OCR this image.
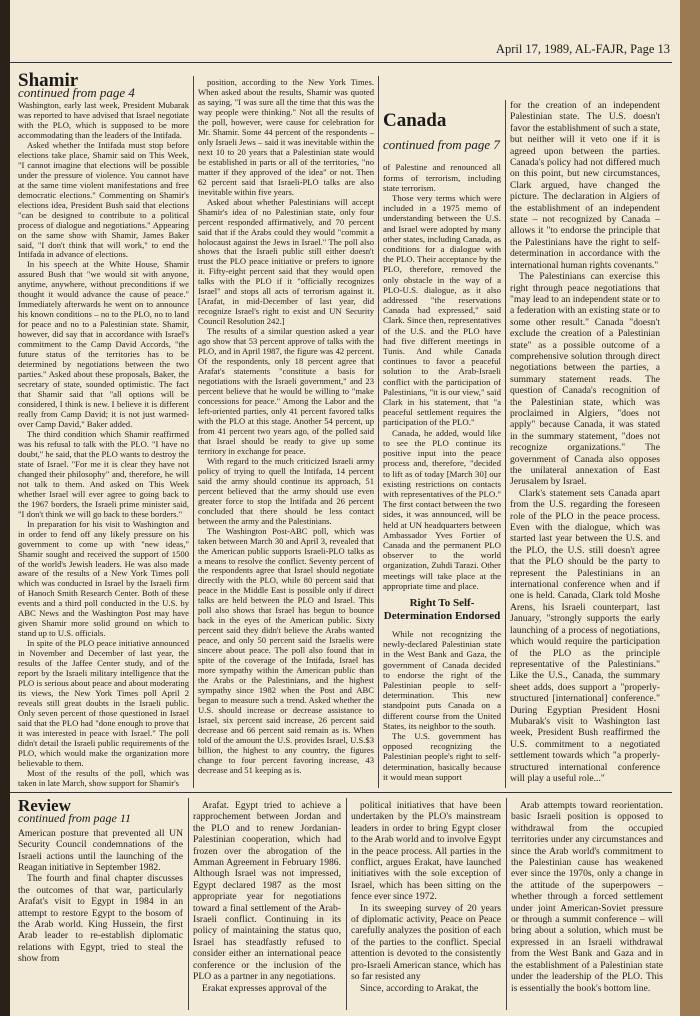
April 17, 1989, AL-FAJR, Page 13
Shamir
continued from page 4

Washington, early last week, President Mubarak was reported to have advised that Israel negotiate with the PLO, which is supposed to be more accommodating than the leaders of the Intifada.

Asked whether the Intifada must stop before elections take place, Shamir said on This Week, "I cannot imagine that elections will be possible under the pressure of violence. You cannot have at the same time violent manifestations and free democratic elections." Commenting on Shamir's elections idea, President Bush said that elections "can be designed to contribute to a political process of dialogue and negotiations." Appearing on the same show with Shamir, James Baker said, "I don't think that will work," to end the Intifada in advance of elections.

In his speech at the White House, Shamir assured Bush that "we would sit with anyone, anytime, anywhere, without preconditions if we thought it would advance the cause of peace." Immediately afterwards he went on to announce his known conditions – no to the PLO, no to land for peace and no to a Palestinian state. Shamir, however, did say that in accordance with Israel's commitment to the Camp David Accords, "the future status of the territories has to be determined by negotiations between the two parties." Asked about these proposals, Baker, the secretary of state, sounded optimistic. The fact that Shamir said that "all options will be considered, I think is new. I believe it is different really from Camp David; it is not just warmed-over Camp David," Baker added.

The third condition which Shamir reaffirmed was his refusal to talk with the PLO. "I have no doubt," he said, that the PLO wants to destroy the state of Israel. "For me it is clear they have not changed their philosophy" and, therefore, he will not talk to them. And asked on This Week whether Israel will ever agree to going back to the 1967 borders, the Israeli prime minister said, "I don't think we will go back to these borders."

In preparation for his visit to Washington and in order to fend off any likely pressure on his government to come up with "new ideas," Shamir sought and received the support of 1500 of the world's Jewish leaders. He was also made aware of the results of a New York Times poll which was conducted in Israel by the Israeli firm of Hanoch Smith Research Center. Both of these events and a third poll conducted in the U.S. by ABC News and the Washington Post may have given Shamir more solid ground on which to stand up to U.S. officials.

In spite of the PLO peace initiative announced in November and December of last year, the results of the Jaffee Center study, and of the report by the Israeli military intelligence that the PLO is serious about peace and about moderating its views, the New York Times poll April 2 reveals still great doubts in the Israeli public. Only seven percent of those questioned in Israel said that the PLO had "done enough to prove that it was interested in peace with Israel." The poll didn't detail the Israeli public requirements of the PLO, which would make the organization more believable to them.

Most of the results of the poll, which was taken in late March, show support for Shamir's

position, according to the New York Times. When asked about the results, Shamir was quoted as saying, "I was sure all the time that this was the way people were thinking." Not all the results of the poll, however, were cause for celebration for Mr. Shamir. Some 44 percent of the respondents – only Israeli Jews – said it was inevitable within the next 10 to 20 years that a Palestinian state would be established in parts or all of the territories, "no matter if they approved of the idea" or not. Then 62 percent said that Israeli-PLO talks are also inevitable within five years.

Asked about whether Palestinians will accept Shamir's idea of no Palestinian state, only four percent responded affirmatively, and 70 percent said that if the Arabs could they would "commit a holocaust against the Jews in Israel." The poll also shows that the Israeli public still either doesn't trust the PLO peace initiative or prefers to ignore it. Fifty-eight percent said that they would open talks with the PLO if it "officially recognizes Israel" and stops all acts of terrorism against it. [Arafat, in mid-December of last year, did recognize Israel's right to exist and UN Security Council Resolution 242.]

The results of a similar question asked a year ago show that 53 percent approve of talks with the PLO, and in April 1987, the figure was 42 percent. Of the respondents, only 18 percent agree that Arafat's statements "constitute a basis for negotiations with the Israeli government," and 23 percent believe that he would be willing to "make concessions for peace." Among the Labor and the left-oriented parties, only 41 percent favored talks with the PLO at this stage. Another 54 percent, up from 41 percent two years ago, of the polled said that Israel should be ready to give up some territory in exchange for peace.

With regard to the much criticized Israeli army policy of trying to quell the Intifada, 14 percent said the army should continue its approach, 51 percent believed that the army should use even greater force to stop the Intifada and 26 percent concluded that there should be less contact between the army and the Palestinians.

The Washington Post-ABC poll, which was taken between March 30 and April 3, revealed that the American public supports Israeli-PLO talks as a means to resolve the conflict. Seventy percent of the respondents agree that Israel should negotiate directly with the PLO, while 80 percent said that peace in the Middle East is possible only if direct talks are held between the PLO and Israel. This poll also shows that Israel has begun to bounce back in the eyes of the American public. Sixty percent said they didn't believe the Arabs wanted peace, and only 50 percent said the Israelis were sincere about peace. The poll also found that in spite of the coverage of the Intifada, Israel has more sympathy within the American public than the Arabs or the Palestinians, and the highest sympathy since 1982 when the Post and ABC began to measure such a trend. Asked whether the U.S. should increase or decrease assistance to Israel, six percent said increase, 26 percent said decrease and 66 percent said remain as is. When told of the amount the U.S. provides Israel, U.S.$3 billion, the highest to any country, the figures change to four percent favoring increase, 43 decrease and 51 keeping as is.

Canada
continued from page 7

of Palestine and renounced all forms of terrorism, including state terrorism.

Those very terms which were included in a 1975 memo of understanding between the U.S. and Israel were adopted by many other states, including Canada, as conditions for a dialogue with the PLO. Their acceptance by the PLO, therefore, removed the only obstacle in the way of a PLO-U.S. dialogue, as it also addressed "the reservations Canada had expressed," said Clark. Since then, representatives of the U.S. and the PLO have had five different meetings in Tunis. And while Canada continues to favor a peaceful solution to the Arab-Israeli conflict with the participation of Palestinians, "it is our view," said Clark in his statement, that "a peaceful settlement requires the participation of the PLO."

Canada, he added, would like to see the PLO continue its positive input into the peace process and, therefore, "decided to lift as of today [March 30] our existing restrictions on contacts with representatives of the PLO." The first contact between the two sides, it was announced, will be held at UN headquarters between Ambassador Yves Fortier of Canada and the permanent PLO observer to the world organization, Zuhdi Tarazi. Other meetings will take place at the appropriate time and place.

Right To Self-Determination Endorsed

While not recognizing the newly-declared Palestinian state in the West Bank and Gaza, the government of Canada decided to endorse the right of the Palestinian people to self-determination. This new standpoint puts Canada on a different course from the United States, its neighbor to the south.

The U.S. government has opposed recognizing the Palestinian people's right to self-determination, basically because it would mean support

for the creation of an independent Palestinian state. The U.S. doesn't favor the establishment of such a state, but neither will it veto one if it is agreed upon between the parties. Canada's policy had not differed much on this point, but new circumstances, Clark argued, have changed the picture. The declaration in Algiers of the establishment of an independent state – not recognized by Canada – allows it "to endorse the principle that the Palestinians have the right to self-determination in accordance with the international human rights covenants."

The Palestinians can exercise this right through peace negotiations that "may lead to an independent state or to a federation with an existing state or to some other result." Canada "doesn't exclude the creation of a Palestinian state" as a possible outcome of a comprehensive solution through direct negotiations between the parties, a summary statement reads. The question of Canada's recognition of the Palestinian state, which was proclaimed in Algiers, "does not apply" because Canada, it was stated in the summary statement, "does not recognize organizations." The government of Canada also opposes the unilateral annexation of East Jerusalem by Israel.

Clark's statement sets Canada apart from the U.S. regarding the foreseen role of the PLO in the peace process. Even with the dialogue, which was started last year between the U.S. and the PLO, the U.S. still doesn't agree that the PLO should be the party to represent the Palestinians in an international conference when and if one is held. Canada, Clark told Moshe Arens, his Israeli counterpart, last January, "strongly supports the early launching of a process of negotiations, which would require the participation of the PLO as the principle representative of the Palestinians." Like the U.S., Canada, the summary sheet adds, does support a "properly-structured [international] conference." During Egyptian President Hosni Mubarak's visit to Washington last week, President Bush reaffirmed the U.S. commitment to a negotiated settlement towards which "a properly-structured international conference will play a useful role..."

Review
continued from page 11

American posture that prevented all UN Security Council condemnations of the Israeli actions until the launching of the Reagan initiative in September 1982.

The fourth and final chapter discusses the outcomes of that war, particularly Arafat's visit to Egypt in 1984 in an attempt to restore Egypt to the bosom of the Arab world. King Hussein, the first Arab leader to re-establish diplomatic relations with Egypt, tried to steal the show from

Arafat. Egypt tried to achieve a rapprochement between Jordan and the PLO and to renew Jordanian-Palestinian cooperation, which had frozen over the abrogation of the Amman Agreement in February 1986. Although Israel was not impressed, Egypt declared 1987 as the most appropriate year for negotiations toward a final settlement of the Arab-Israeli conflict. Continuing in its policy of maintaining the status quo, Israel has steadfastly refused to consider either an international peace conference or the inclusion of the PLO as a partner in any negotiations.

Erakat expresses approval of the

political initiatives that have been undertaken by the PLO's mainstream leaders in order to bring Egypt closer to the Arab world and to involve Egypt in the peace process. All parties in the conflict, argues Erakat, have launched initiatives with the sole exception of Israel, which has been sitting on the fence ever since 1972.

In its sweeping survey of 20 years of diplomatic activity, Peace on Peace carefully analyzes the position of each of the parties to the conflict. Special attention is devoted to the consistently pro-Israeli American stance, which has so far resisted any

Since, according to Arakat, the

Arab attempts toward reorientation. basic Israeli position is opposed to withdrawal from the occupied territories under any circumstances and since the Arab world's commitment to the Palestinian cause has weakened ever since the 1970s, only a change in the attitude of the superpowers – whether through a forced settlement under joint American-Soviet pressure or through a summit conference – will bring about a solution, which must be expressed in an Israeli withdrawal from the West Bank and Gaza and in the establishment of a Palestinian state under the leadership of the PLO. This is essentially the book's bottom line.
